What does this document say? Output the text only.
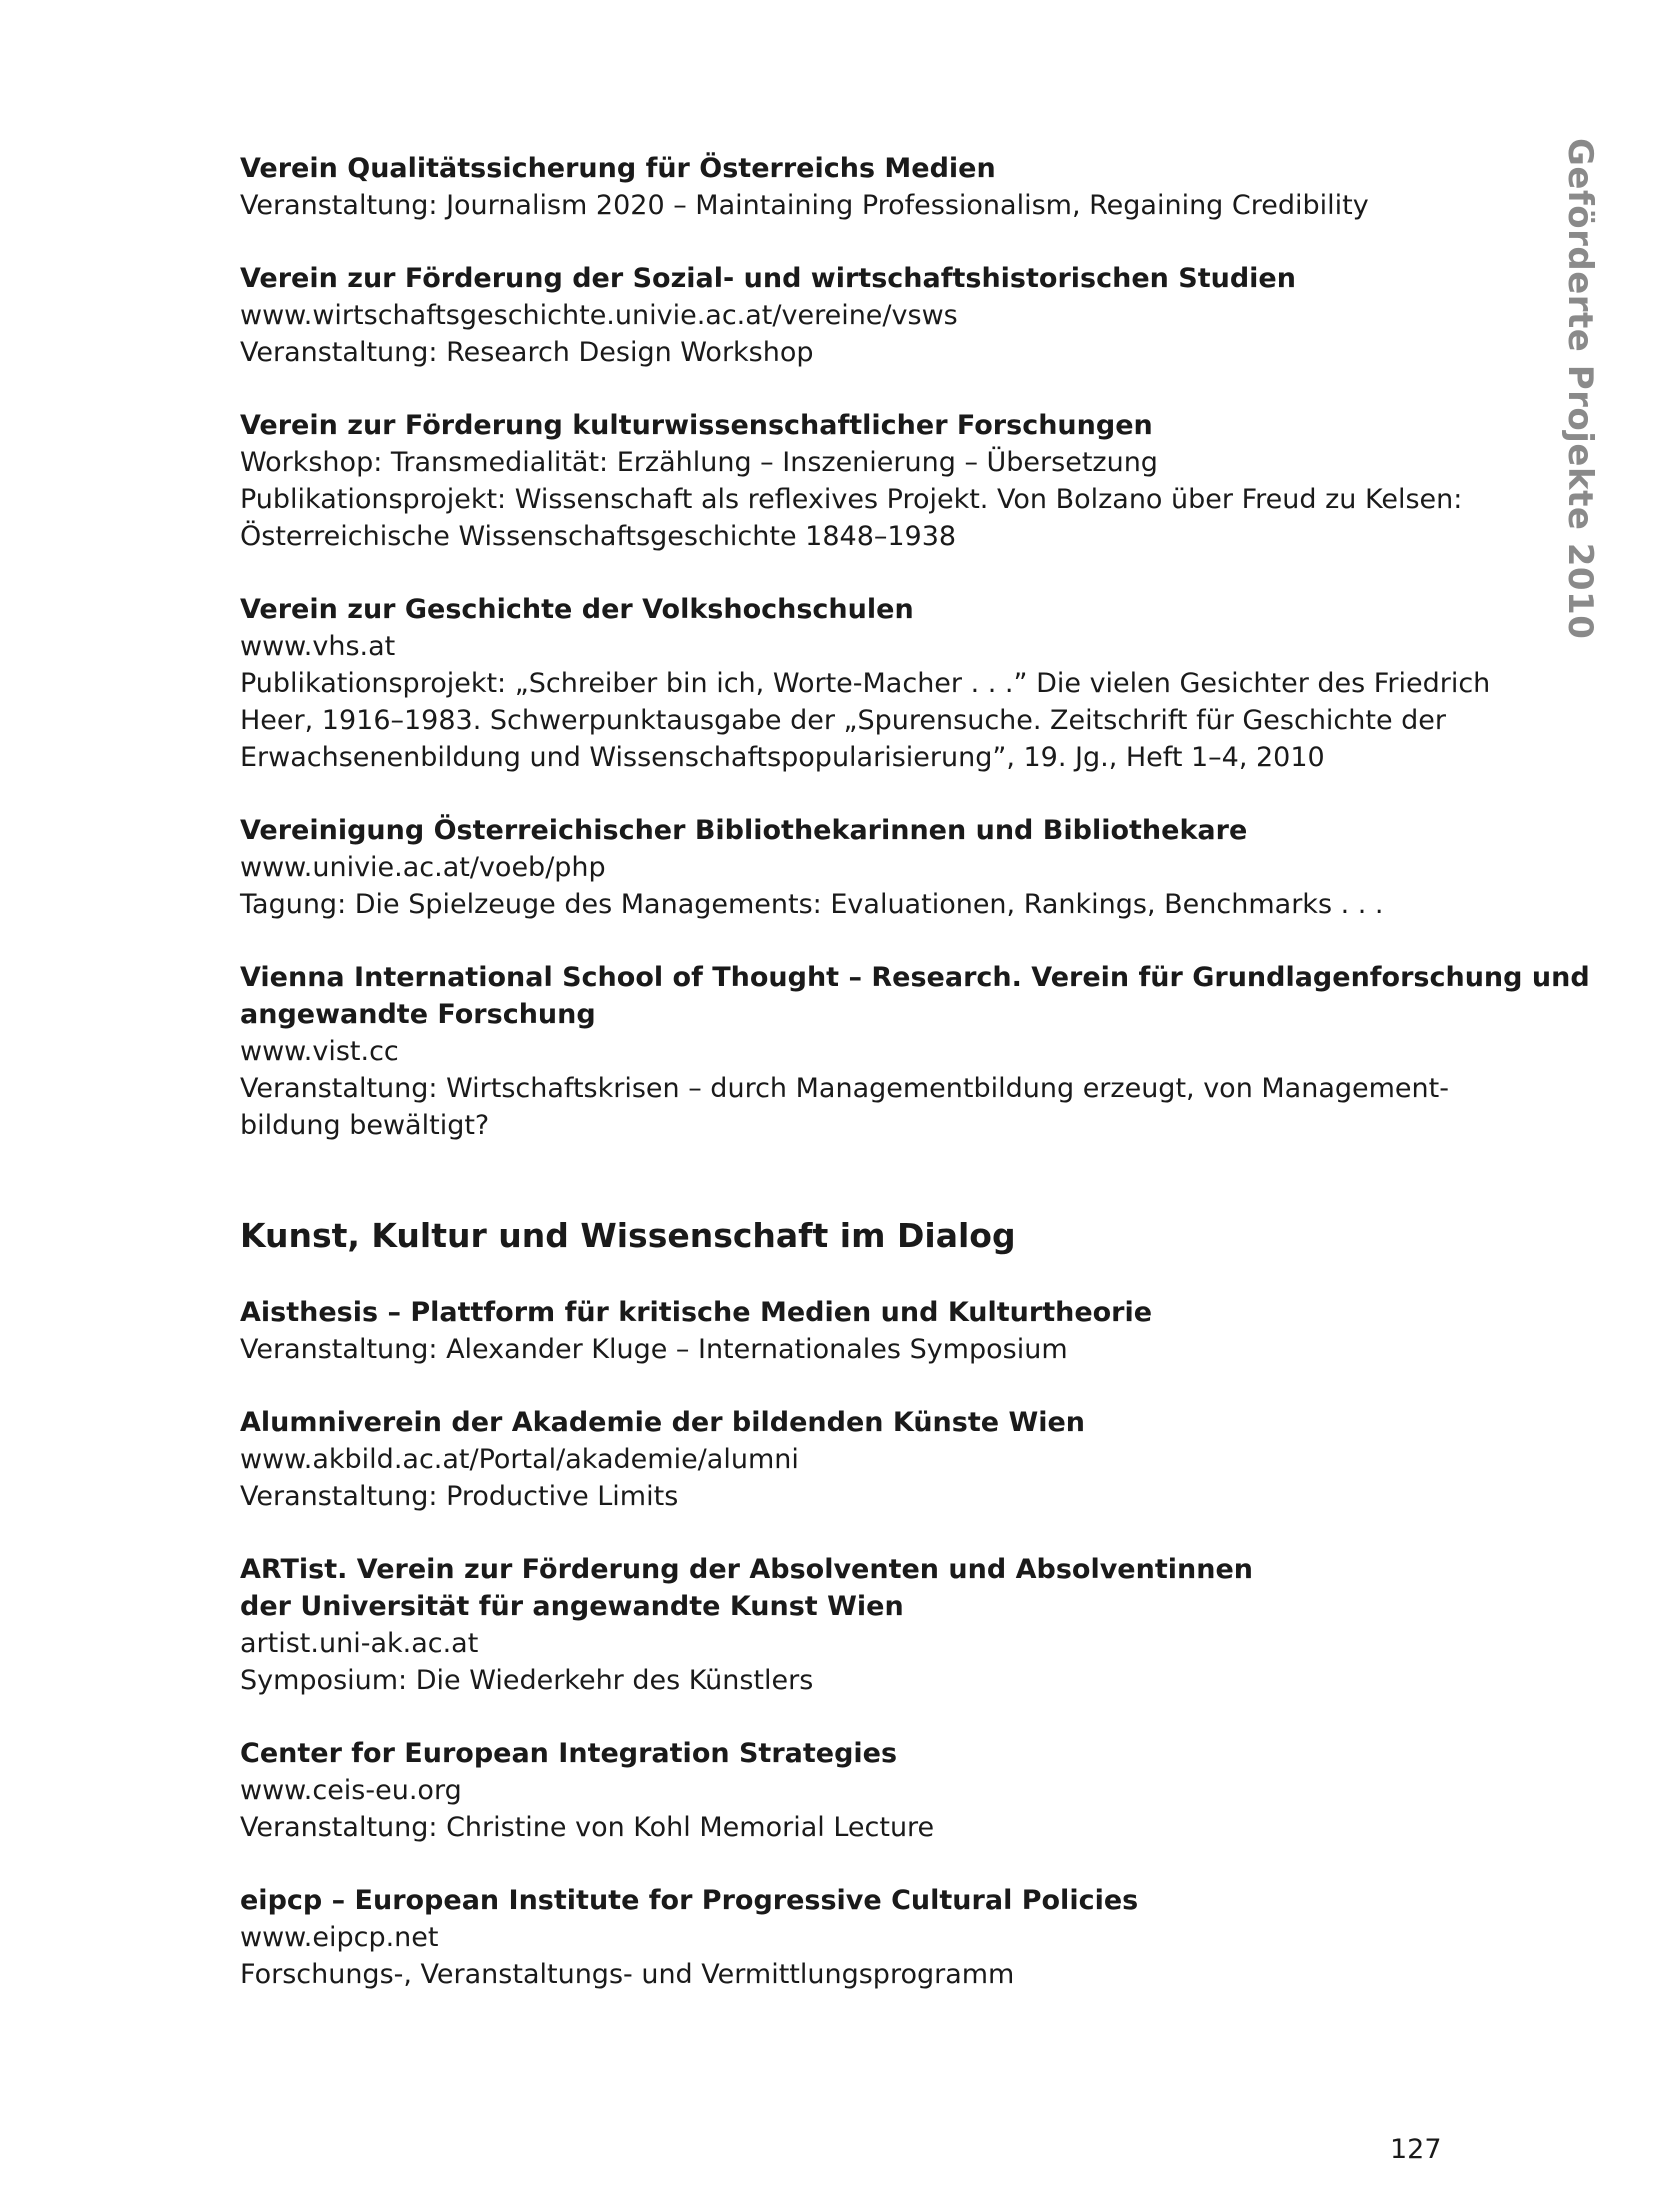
Geförderte Projekte 2010
Verein Qualitätssicherung für Österreichs Medien
Veranstaltung: Journalism 2020 – Maintaining Professionalism, Regaining Credibility
Verein zur Förderung der Sozial- und wirtschaftshistorischen Studien
www.wirtschaftsgeschichte.univie.ac.at/vereine/vsws
Veranstaltung: Research Design Workshop
Verein zur Förderung kulturwissenschaftlicher Forschungen
Workshop: Transmedialität: Erzählung – Inszenierung – Übersetzung
Publikationsprojekt: Wissenschaft als reflexives Projekt. Von Bolzano über Freud zu Kelsen:
Österreichische Wissenschaftsgeschichte 1848–1938
Verein zur Geschichte der Volkshochschulen
www.vhs.at
Publikationsprojekt: „Schreiber bin ich, Worte-Macher . . .” Die vielen Gesichter des Friedrich
Heer, 1916–1983. Schwerpunktausgabe der „Spurensuche. Zeitschrift für Geschichte der
Erwachsenenbildung und Wissenschaftspopularisierung”, 19. Jg., Heft 1–4, 2010
Vereinigung Österreichischer Bibliothekarinnen und Bibliothekare
www.univie.ac.at/voeb/php
Tagung: Die Spielzeuge des Managements: Evaluationen, Rankings, Benchmarks . . .
Vienna International School of Thought – Research. Verein für Grundlagenforschung und
angewandte Forschung
www.vist.cc
Veranstaltung: Wirtschaftskrisen – durch Managementbildung erzeugt, von Management-
bildung bewältigt?
Kunst, Kultur und Wissenschaft im Dialog
Aisthesis – Plattform für kritische Medien und Kulturtheorie
Veranstaltung: Alexander Kluge – Internationales Symposium
Alumniverein der Akademie der bildenden Künste Wien
www.akbild.ac.at/Portal/akademie/alumni
Veranstaltung: Productive Limits
ARTist. Verein zur Förderung der Absolventen und Absolventinnen
der Universität für angewandte Kunst Wien
artist.uni-ak.ac.at
Symposium: Die Wiederkehr des Künstlers
Center for European Integration Strategies
www.ceis-eu.org
Veranstaltung: Christine von Kohl Memorial Lecture
eipcp – European Institute for Progressive Cultural Policies
www.eipcp.net
Forschungs-, Veranstaltungs- und Vermittlungsprogramm
127
